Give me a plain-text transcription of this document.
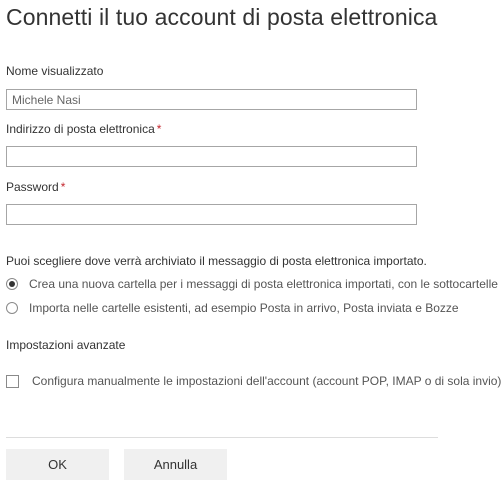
Connetti il tuo account di posta elettronica
Nome visualizzato
Michele Nasi
Indirizzo di posta elettronica *
Password *
Puoi scegliere dove verrà archiviato il messaggio di posta elettronica importato.
Crea una nuova cartella per i messaggi di posta elettronica importati, con le sottocartelle
Importa nelle cartelle esistenti, ad esempio Posta in arrivo, Posta inviata e Bozze
Impostazioni avanzate
Configura manualmente le impostazioni dell'account (account POP, IMAP o di sola invio)
OK	Annulla
